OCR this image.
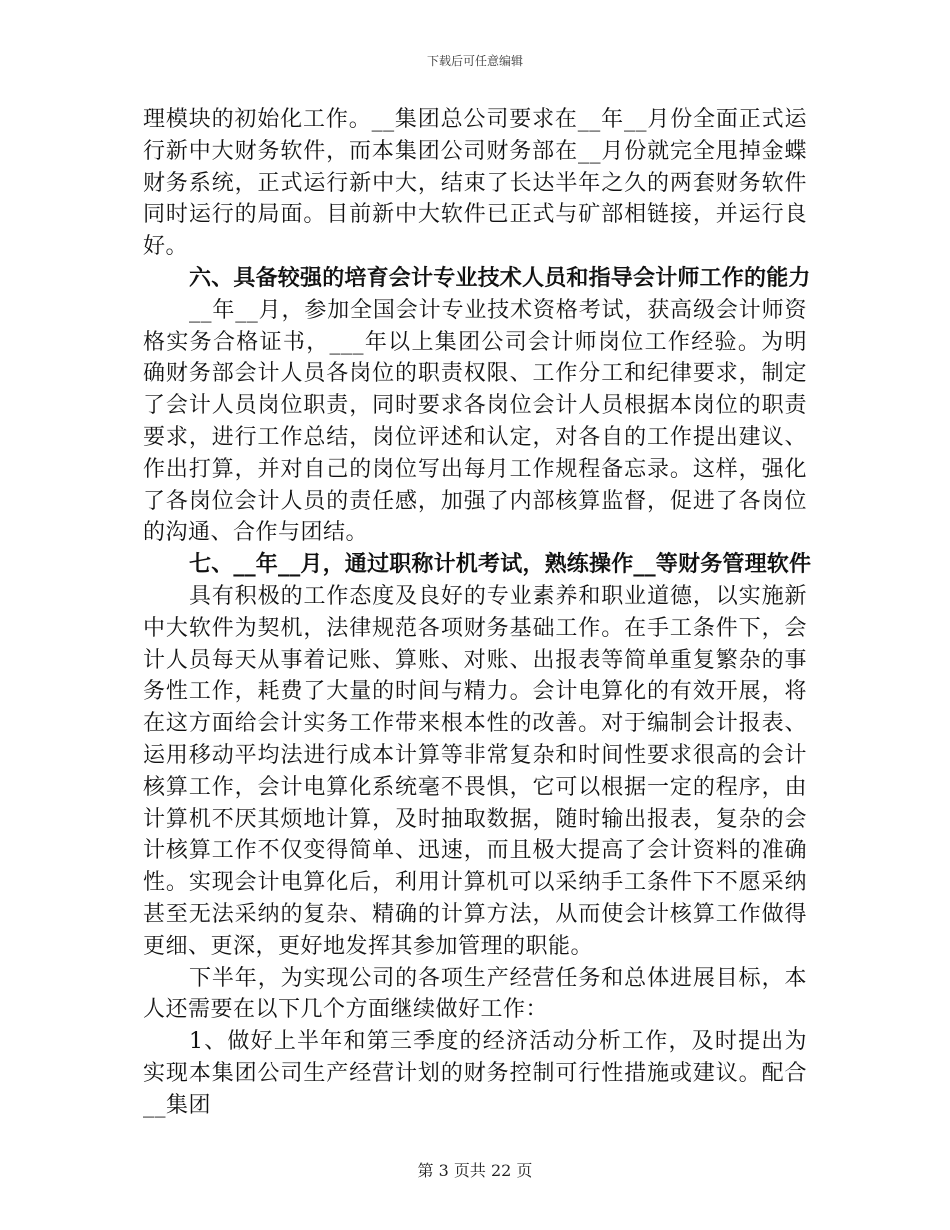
下载后可任意编辑

理模块的初始化工作。__集团总公司要求在__年__月份全面正式运行新中大财务软件，而本集团公司财务部在__月份就完全甩掉金蝶财务系统，正式运行新中大，结束了长达半年之久的两套财务软件同时运行的局面。目前新中大软件已正式与矿部相链接，并运行良好。

六、具备较强的培育会计专业技术人员和指导会计师工作的能力

__年__月，参加全国会计专业技术资格考试，获高级会计师资格实务合格证书，___年以上集团公司会计师岗位工作经验。为明确财务部会计人员各岗位的职责权限、工作分工和纪律要求，制定了会计人员岗位职责，同时要求各岗位会计人员根据本岗位的职责要求，进行工作总结，岗位评述和认定，对各自的工作提出建议、作出打算，并对自己的岗位写出每月工作规程备忘录。这样，强化了各岗位会计人员的责任感，加强了内部核算监督，促进了各岗位的沟通、合作与团结。

七、__年__月，通过职称计机考试，熟练操作__等财务管理软件

具有积极的工作态度及良好的专业素养和职业道德，以实施新中大软件为契机，法律规范各项财务基础工作。在手工条件下，会计人员每天从事着记账、算账、对账、出报表等简单重复繁杂的事务性工作，耗费了大量的时间与精力。会计电算化的有效开展，将在这方面给会计实务工作带来根本性的改善。对于编制会计报表、运用移动平均法进行成本计算等非常复杂和时间性要求很高的会计核算工作，会计电算化系统毫不畏惧，它可以根据一定的程序，由计算机不厌其烦地计算，及时抽取数据，随时输出报表，复杂的会计核算工作不仅变得简单、迅速，而且极大提高了会计资料的准确性。实现会计电算化后，利用计算机可以采纳手工条件下不愿采纳甚至无法采纳的复杂、精确的计算方法，从而使会计核算工作做得更细、更深，更好地发挥其参加管理的职能。

下半年，为实现公司的各项生产经营任务和总体进展目标，本人还需要在以下几个方面继续做好工作：

1、做好上半年和第三季度的经济活动分析工作，及时提出为实现本集团公司生产经营计划的财务控制可行性措施或建议。配合__集团

第 3 页共 22 页
